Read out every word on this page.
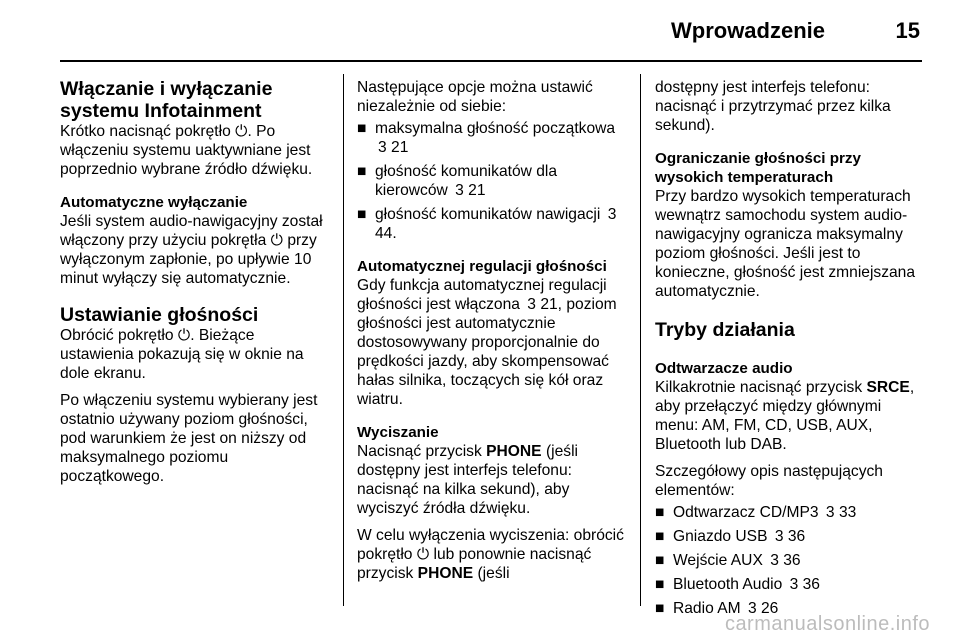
Wprowadzenie	15
Włączanie i wyłączanie systemu Infotainment

Krótko nacisnąć pokrętło ⏻. Po włączeniu systemu uaktywniane jest poprzednio wybrane źródło dźwięku.

Automatyczne wyłączanie

Jeśli system audio-nawigacyjny został włączony przy użyciu pokrętła ⏻ przy wyłączonym zapłonie, po upływie 10 minut wyłączy się automatycznie.

Ustawianie głośności

Obrócić pokrętło ⏻. Bieżące ustawienia pokazują się w oknie na dole ekranu.

Po włączeniu systemu wybierany jest ostatnio używany poziom głośności, pod warunkiem że jest on niższy od maksymalnego poziomu początkowego.

Następujące opcje można ustawić niezależnie od siebie:

■ maksymalna głośność początkowa 3 21
■ głośność komunikatów dla kierowców 3 21
■ głośność komunikatów nawigacji 3 44.
Automatycznej regulacji głośności

Gdy funkcja automatycznej regulacji głośności jest włączona 3 21, poziom głośności jest automatycznie dostosowywany proporcjonalnie do prędkości jazdy, aby skompensować hałas silnika, toczących się kół oraz wiatru.

Wyciszanie

Nacisnąć przycisk PHONE (jeśli dostępny jest interfejs telefonu: nacisnąć na kilka sekund), aby wyciszyć źródła dźwięku.

W celu wyłączenia wyciszenia: obrócić pokrętło ⏻ lub ponownie nacisnąć przycisk PHONE (jeśli

dostępny jest interfejs telefonu: nacisnąć i przytrzymać przez kilka sekund).

Ograniczanie głośności przy wysokich temperaturach

Przy bardzo wysokich temperaturach wewnątrz samochodu system audio-nawigacyjny ogranicza maksymalny poziom głośności. Jeśli jest to konieczne, głośność jest zmniejszana automatycznie.

Tryby działania
Odtwarzacze audio

Kilkakrotnie nacisnąć przycisk SRCE, aby przełączyć między głównymi menu: AM, FM, CD, USB, AUX, Bluetooth lub DAB.

Szczegółowy opis następujących elementów:

■ Odtwarzacz CD/MP3 3 33
■ Gniazdo USB 3 36
■ Wejście AUX 3 36
■ Bluetooth Audio 3 36
■ Radio AM 3 26
carmanualsonline.info
